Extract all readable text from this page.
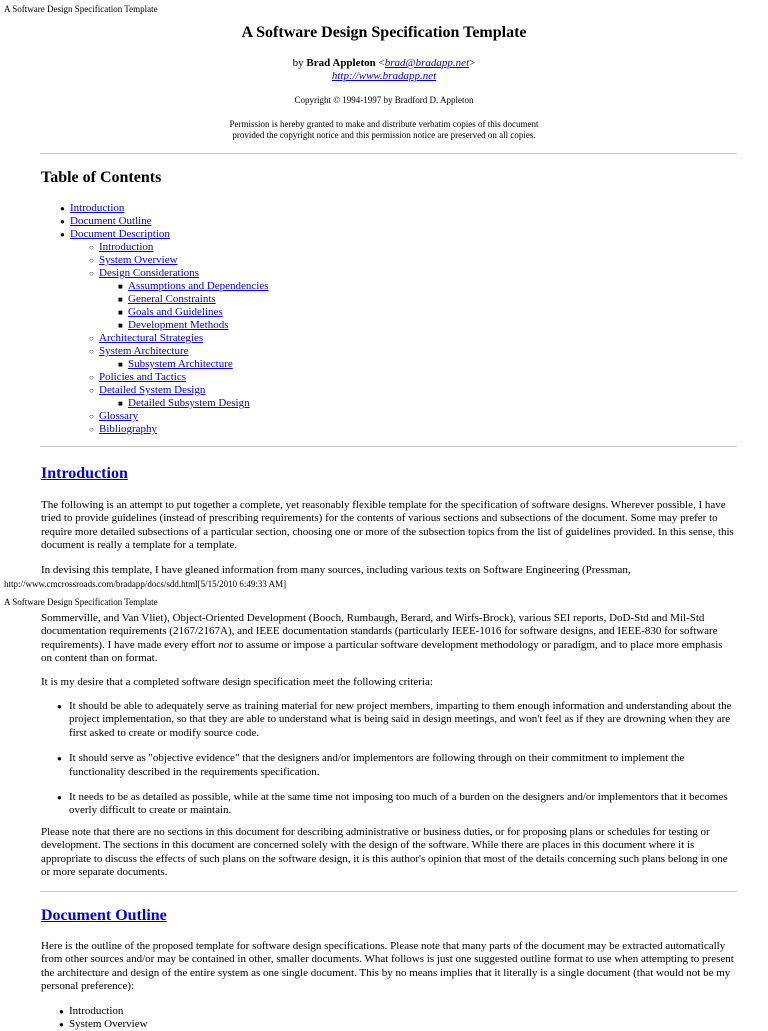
A Software Design Specification Template
A Software Design Specification Template
by Brad Appleton <brad@bradapp.net>
http://www.bradapp.net
Copyright © 1994-1997 by Bradford D. Appleton
Permission is hereby granted to make and distribute verbatim copies of this document
provided the copyright notice and this permission notice are preserved on all copies.
Table of Contents
● Introduction
● Document Outline
● Document Description
○ Introduction
○ System Overview
○ Design Considerations
■ Assumptions and Dependencies
■ General Constraints
■ Goals and Guidelines
■ Development Methods
○ Architectural Strategies
○ System Architecture
■ Subsystem Architecture
○ Policies and Tactics
○ Detailed System Design
■ Detailed Subsystem Design
○ Glossary
○ Bibliography
Introduction

The following is an attempt to put together a complete, yet reasonably flexible template for the specification of software designs. Wherever possible, I have tried to provide guidelines (instead of prescribing requirements) for the contents of various sections and subsections of the document. Some may prefer to require more detailed subsections of a particular section, choosing one or more of the subsection topics from the list of guidelines provided. In this sense, this document is really a template for a template.

In devising this template, I have gleaned information from many sources, including various texts on Software Engineering (Pressman,

http://www.cmcrossroads.com/bradapp/docs/sdd.html[5/15/2010 6:49:33 AM]
A Software Design Specification Template

Sommerville, and Van Vliet), Object-Oriented Development (Booch, Rumbaugh, Berard, and Wirfs-Brock), various SEI reports, DoD-Std and Mil-Std documentation requirements (2167/2167A), and IEEE documentation standards (particularly IEEE-1016 for software designs, and IEEE-830 for software requirements). I have made every effort not to assume or impose a particular software development methodology or paradigm, and to place more emphasis on content than on format.

It is my desire that a completed software design specification meet the following criteria:

● It should be able to adequately serve as training material for new project members, imparting to them enough information and understanding about the project implementation, so that they are able to understand what is being said in design meetings, and won't feel as if they are drowning when they are first asked to create or modify source code.
● It should serve as "objective evidence" that the designers and/or implementors are following through on their commitment to implement the functionality described in the requirements specification.
● It needs to be as detailed as possible, while at the same time not imposing too much of a burden on the designers and/or implementors that it becomes overly difficult to create or maintain.

Please note that there are no sections in this document for describing administrative or business duties, or for proposing plans or schedules for testing or development. The sections in this document are concerned solely with the design of the software. While there are places in this document where it is appropriate to discuss the effects of such plans on the software design, it is this author's opinion that most of the details concerning such plans belong in one or more separate documents.

Document Outline

Here is the outline of the proposed template for software design specifications. Please note that many parts of the document may be extracted automatically from other sources and/or may be contained in other, smaller documents. What follows is just one suggested outline format to use when attempting to present the architecture and design of the entire system as one single document. This by no means implies that it literally is a single document (that would not be my personal preference):

● Introduction
● System Overview
